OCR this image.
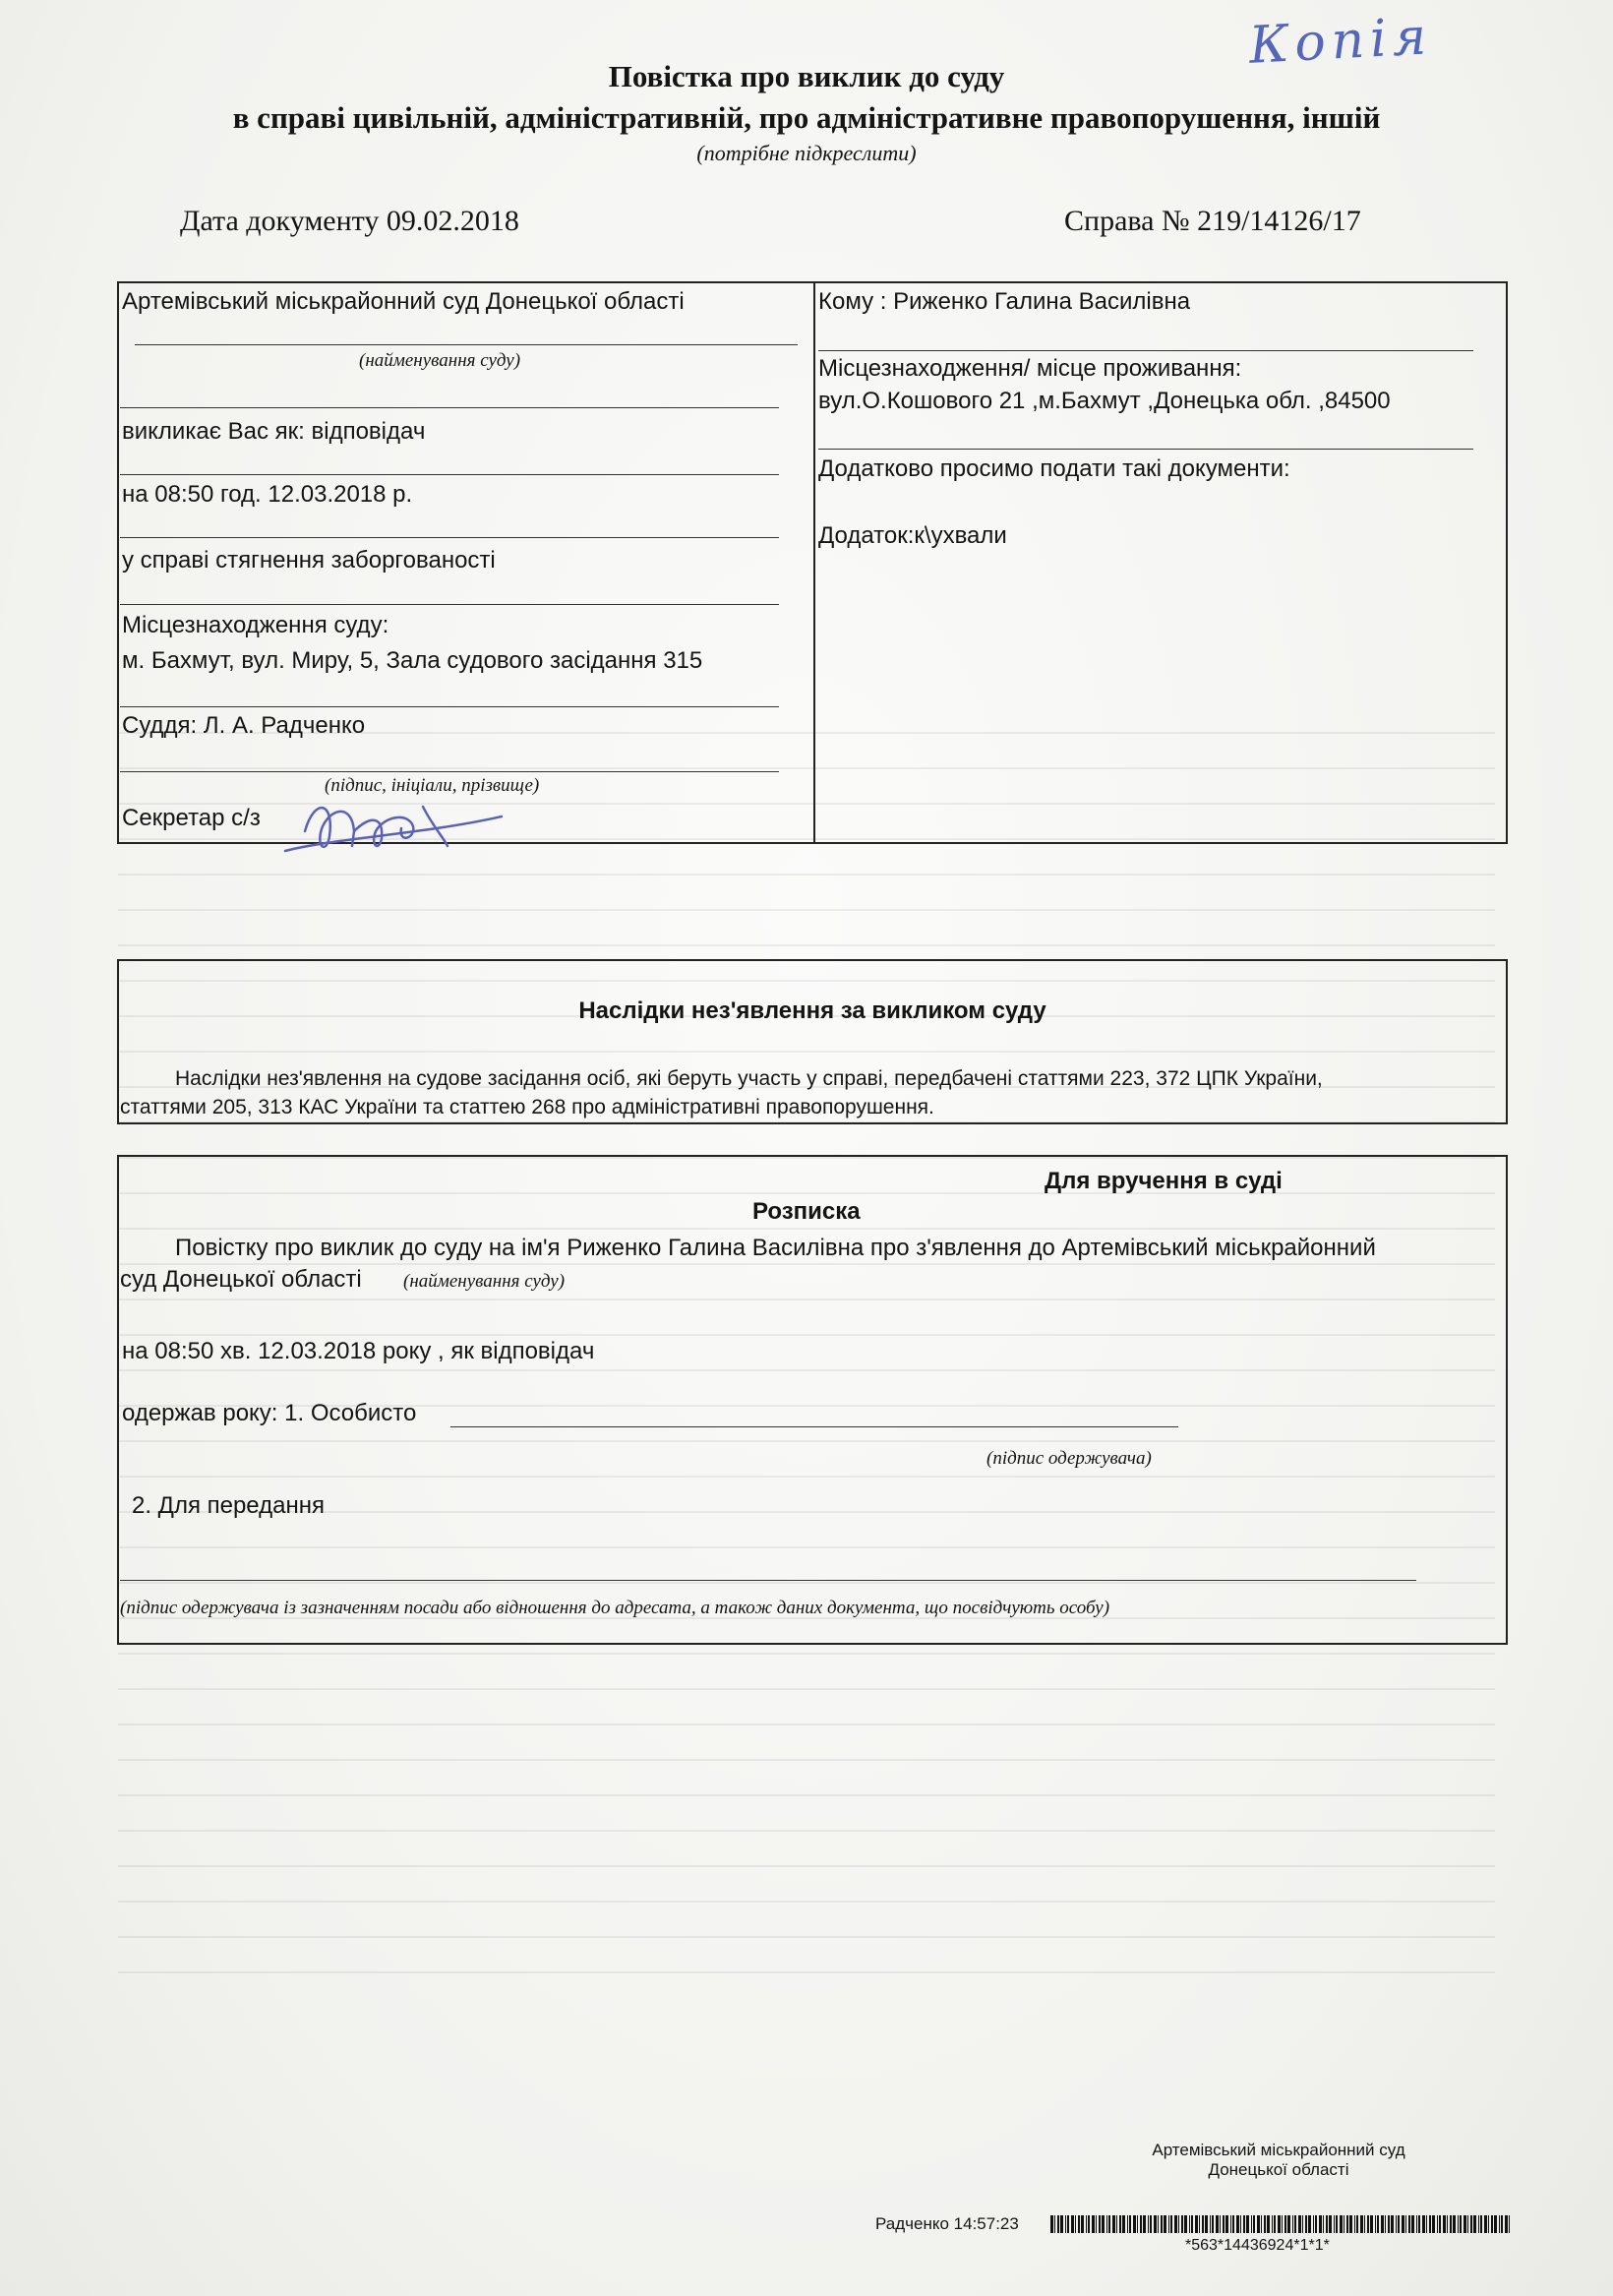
Копія
Повістка про виклик до суду
в справі цивільній, адміністративній, про адміністративне правопорушення, іншій
(потрібне підкреслити)
Дата документу 09.02.2018	Справа № 219/14126/17
Артемівський міськрайонний суд Донецької області
(найменування суду)
викликає Вас як: відповідач
на 08:50 год. 12.03.2018 р.
у справі стягнення заборгованості
Місцезнаходження суду:
м. Бахмут, вул. Миру, 5, Зала судового засідання 315
Суддя: Л. А. Радченко
(підпис, ініціали, прізвище)
Секретар с/з
Кому : Риженко Галина Василівна
Місцезнаходження/ місце проживання:
вул.О.Кошового 21 ,м.Бахмут ,Донецька обл. ,84500
Додатково просимо подати такі документи:
Додаток:к\ухвали
Наслідки нез'явлення за викликом суду
Наслідки нез'явлення на судове засідання осіб, які беруть участь у справі, передбачені статтями 223, 372 ЦПК України,
статтями 205, 313 КАС України та статтею 268 про адміністративні правопорушення.
Для вручення в суді
Розписка
Повістку про виклик до суду на ім'я Риженко Галина Василівна про з'явлення до Артемівський міськрайонний
суд Донецької області (найменування суду)
на 08:50 хв. 12.03.2018 року , як відповідач
одержав року: 1. Особисто
(підпис одержувача)
2. Для передання
(підпис одержувача із зазначенням посади або відношення до адресата, а також даних документа, що посвідчують особу)
Артемівський міськрайонний суд
Донецької області
Радченко 14:57:23
*563*14436924*1*1*
